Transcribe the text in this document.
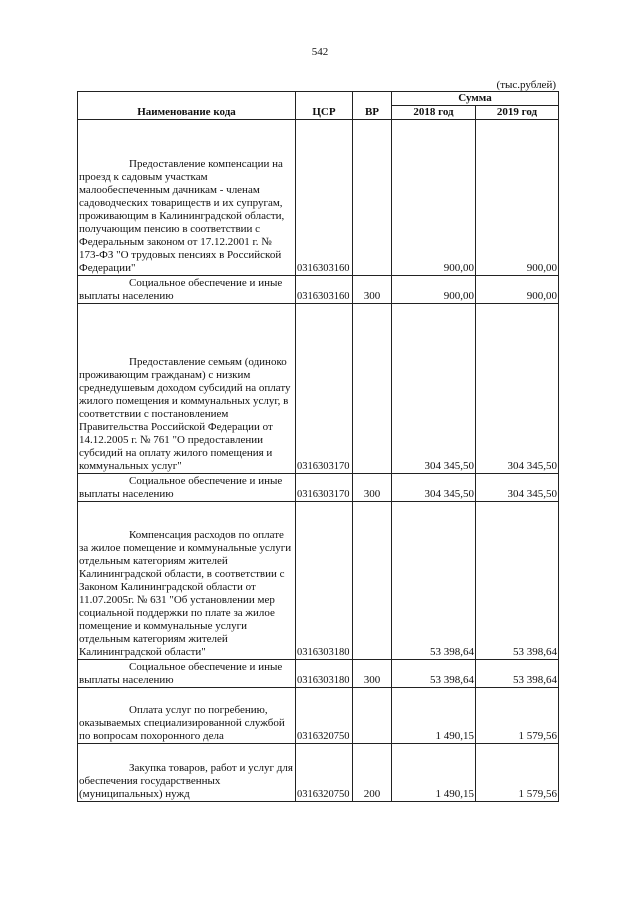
542
(тыс.рублей)
Наименование кода	ЦСР	ВР	Сумма	
			2018 год	2019 год
Предоставление компенсации на проезд к садовым участкам малообеспеченным дачникам - членам садоводческих товариществ и их супругам, проживающим в Калининградской области, получающим пенсию в соответствии с Федеральным законом от 17.12.2001 г. № 173-ФЗ "О трудовых пенсиях в Российской Федерации"	0316303160		900,00	900,00
Социальное обеспечение и иные выплаты населению	0316303160	300	900,00	900,00
Предоставление семьям (одиноко проживающим гражданам) с низким среднедушевым доходом субсидий на оплату жилого помещения и коммунальных услуг, в соответствии с постановлением Правительства Российской Федерации от 14.12.2005 г. № 761 "О предоставлении субсидий на оплату жилого помещения и коммунальных услуг"	0316303170		304 345,50	304 345,50
Социальное обеспечение и иные выплаты населению	0316303170	300	304 345,50	304 345,50
Компенсация расходов по оплате за жилое помещение и коммунальные услуги отдельным категориям жителей Калининградской области, в соответствии с Законом Калининградской области от 11.07.2005г. № 631 "Об установлении мер социальной поддержки по плате за жилое помещение и коммунальные услуги отдельным категориям жителей Калининградской области"	0316303180		53 398,64	53 398,64
Социальное обеспечение и иные выплаты населению	0316303180	300	53 398,64	53 398,64
Оплата услуг по погребению, оказываемых специализированной службой по вопросам похоронного дела	0316320750		1 490,15	1 579,56
Закупка товаров, работ и услуг для обеспечения государственных (муниципальных) нужд	0316320750	200	1 490,15	1 579,56
